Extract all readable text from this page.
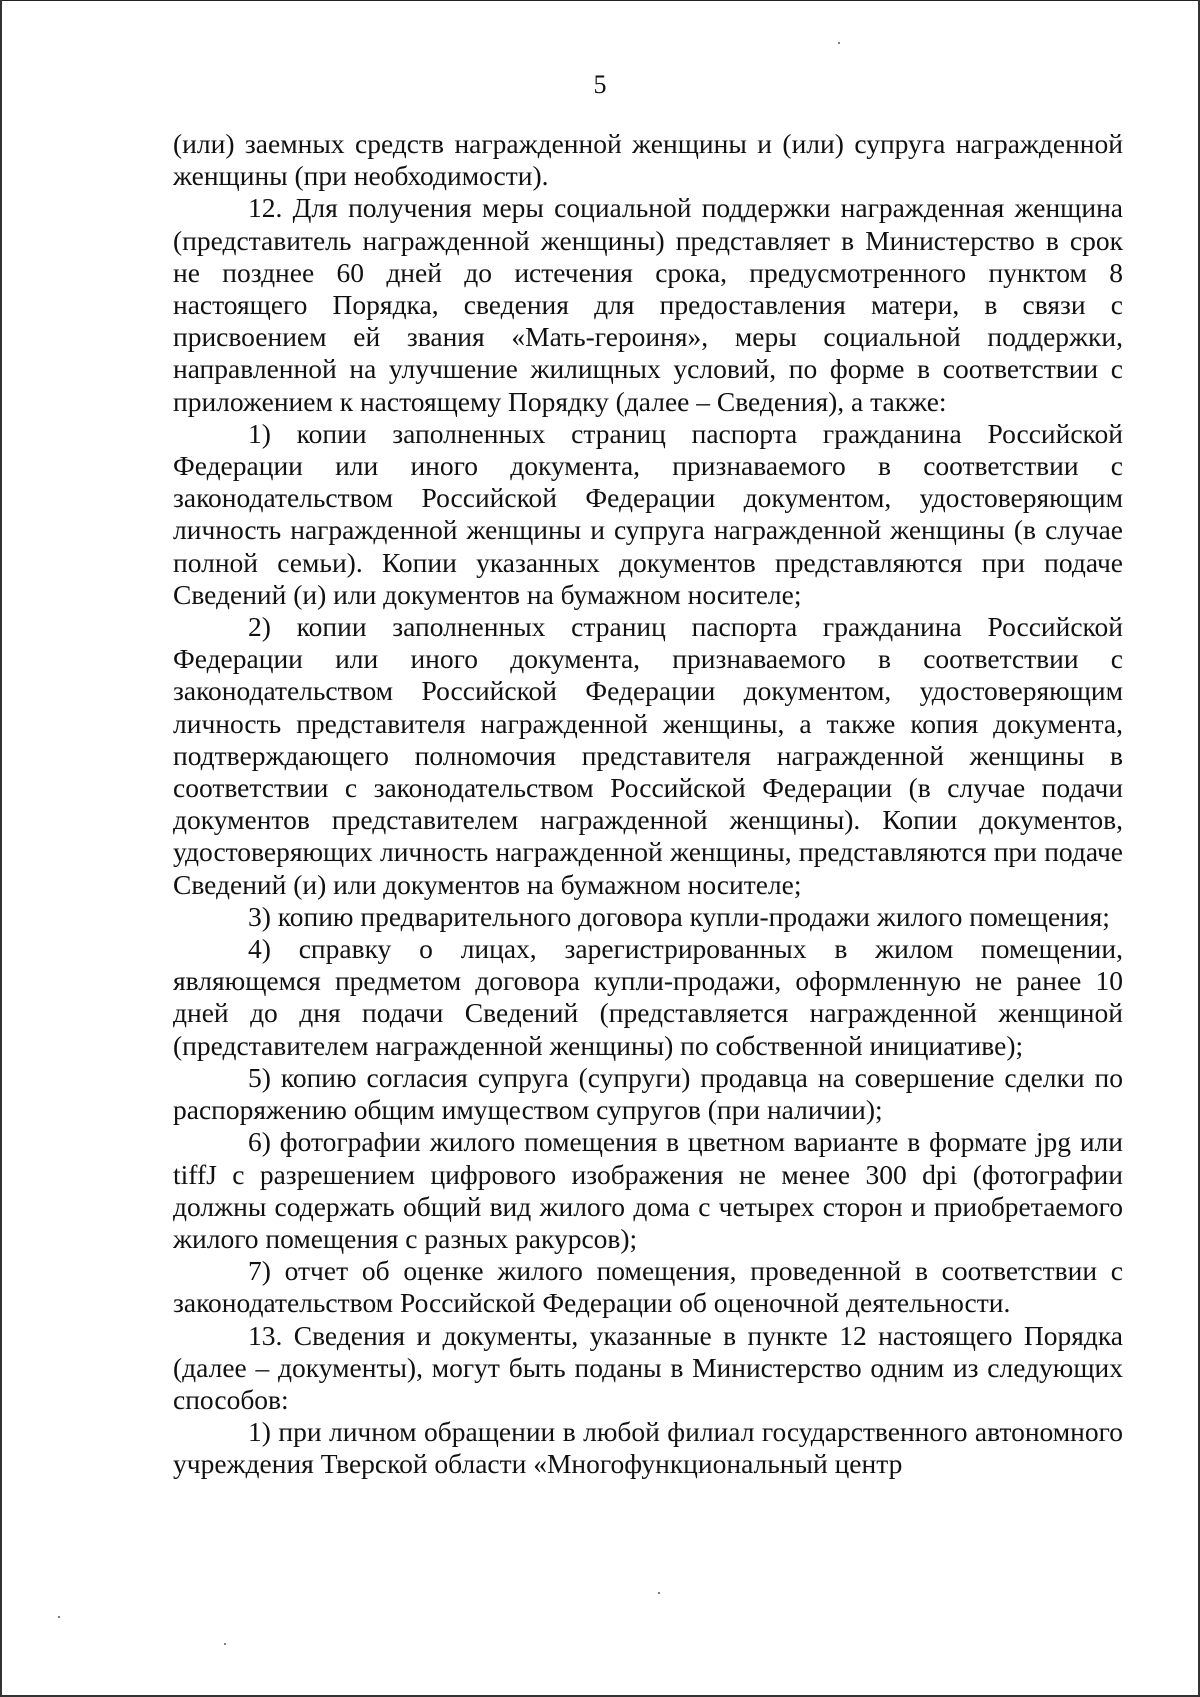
5

(или) заемных средств награжденной женщины и (или) супруга награжденной женщины (при необходимости).

12. Для получения меры социальной поддержки награжденная женщина (представитель награжденной женщины) представляет в Министерство в срок не позднее 60 дней до истечения срока, предусмотренного пунктом 8 настоящего Порядка, сведения для предоставления матери, в связи с присвоением ей звания «Мать-героиня», меры социальной поддержки, направленной на улучшение жилищных условий, по форме в соответствии с приложением к настоящему Порядку (далее – Сведения), а также:

1) копии заполненных страниц паспорта гражданина Российской Федерации или иного документа, признаваемого в соответствии с законодательством Российской Федерации документом, удостоверяющим личность награжденной женщины и супруга награжденной женщины (в случае полной семьи). Копии указанных документов представляются при подаче Сведений (и) или документов на бумажном носителе;

2) копии заполненных страниц паспорта гражданина Российской Федерации или иного документа, признаваемого в соответствии с законодательством Российской Федерации документом, удостоверяющим личность представителя награжденной женщины, а также копия документа, подтверждающего полномочия представителя награжденной женщины в соответствии с законодательством Российской Федерации (в случае подачи документов представителем награжденной женщины). Копии документов, удостоверяющих личность награжденной женщины, представляются при подаче Сведений (и) или документов на бумажном носителе;

3) копию предварительного договора купли-продажи жилого помещения;

4) справку о лицах, зарегистрированных в жилом помещении, являющемся предметом договора купли-продажи, оформленную не ранее 10 дней до дня подачи Сведений (представляется награжденной женщиной (представителем награжденной женщины) по собственной инициативе);

5) копию согласия супруга (супруги) продавца на совершение сделки по распоряжению общим имуществом супругов (при наличии);

6) фотографии жилого помещения в цветном варианте в формате jpg или tiffJ с разрешением цифрового изображения не менее 300 dpi (фотографии должны содержать общий вид жилого дома с четырех сторон и приобретаемого жилого помещения с разных ракурсов);

7) отчет об оценке жилого помещения, проведенной в соответствии с законодательством Российской Федерации об оценочной деятельности.

13. Сведения и документы, указанные в пункте 12 настоящего Порядка (далее – документы), могут быть поданы в Министерство одним из следующих способов:

1) при личном обращении в любой филиал государственного автономного учреждения Тверской области «Многофункциональный центр
